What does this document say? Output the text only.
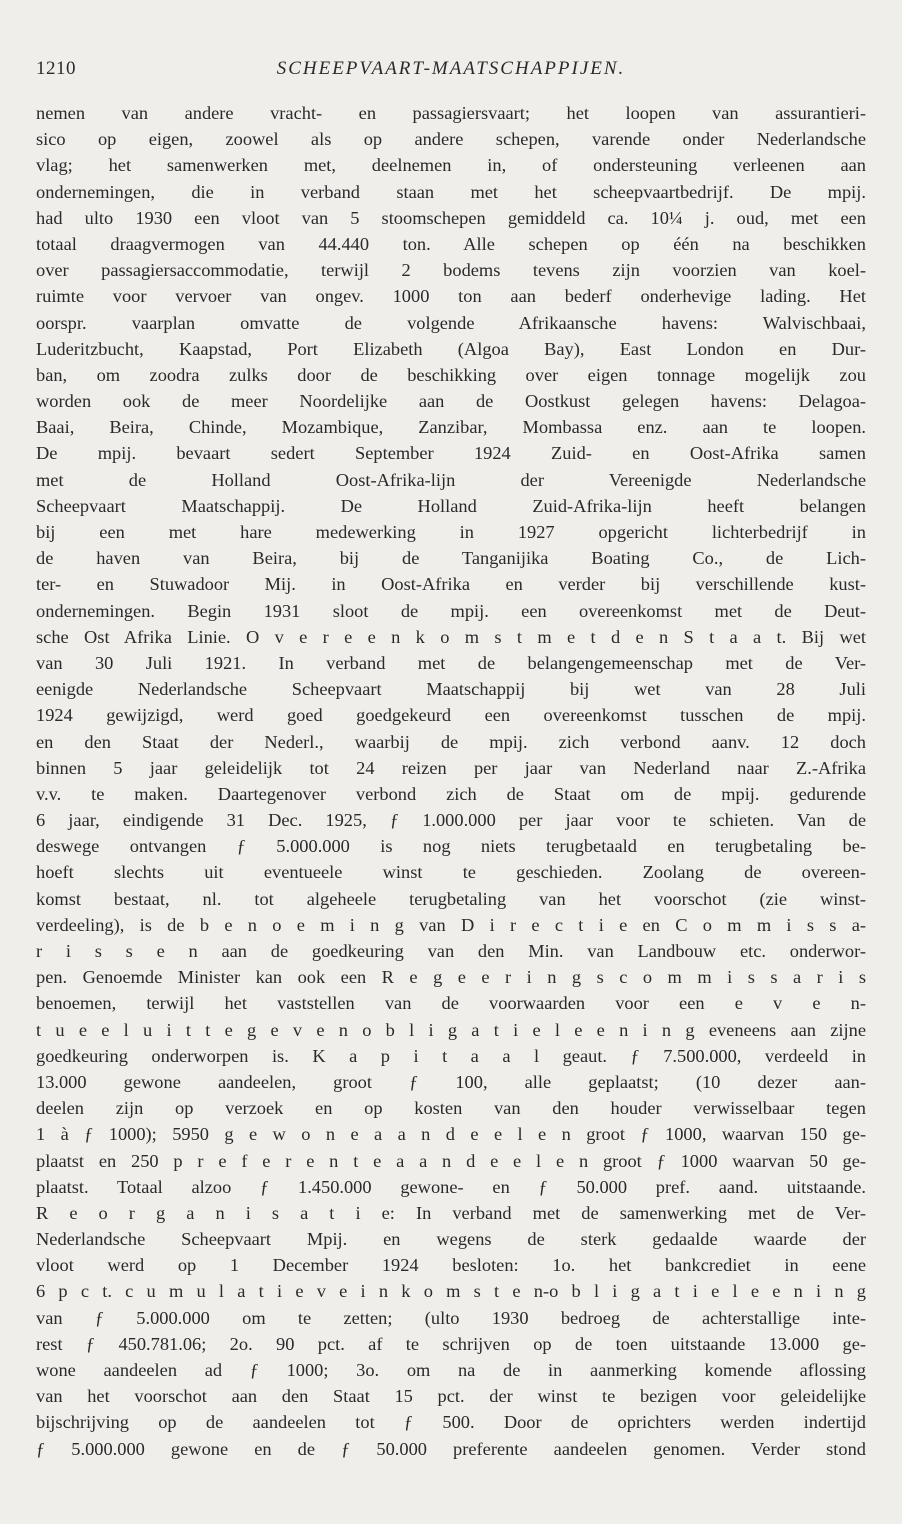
1210	SCHEEPVAART-MAATSCHAPPIJEN.
nemen van andere vracht- en passagiersvaart; het loopen van assurantieri-
sico op eigen, zoowel als op andere schepen, varende onder Nederlandsche
vlag; het samenwerken met, deelnemen in, of ondersteuning verleenen aan
ondernemingen, die in verband staan met het scheepvaartbedrijf. De mpij.
had ulto 1930 een vloot van 5 stoomschepen gemiddeld ca. 10¼ j. oud, met een
totaal draagvermogen van 44.440 ton. Alle schepen op één na beschikken
over passagiersaccommodatie, terwijl 2 bodems tevens zijn voorzien van koel-
ruimte voor vervoer van ongev. 1000 ton aan bederf onderhevige lading. Het
oorspr. vaarplan omvatte de volgende Afrikaansche havens: Walvischbaai,
Luderitzbucht, Kaapstad, Port Elizabeth (Algoa Bay), East London en Dur-
ban, om zoodra zulks door de beschikking over eigen tonnage mogelijk zou
worden ook de meer Noordelijke aan de Oostkust gelegen havens: Delagoa-
Baai, Beira, Chinde, Mozambique, Zanzibar, Mombassa enz. aan te loopen.
De mpij. bevaart sedert September 1924 Zuid- en Oost-Afrika samen
met de Holland Oost-Afrika-lijn der Vereenigde Nederlandsche
Scheepvaart Maatschappij. De Holland Zuid-Afrika-lijn heeft belangen
bij een met hare medewerking in 1927 opgericht lichterbedrijf in
de haven van Beira, bij de Tanganijika Boating Co., de Lich-
ter- en Stuwadoor Mij. in Oost-Afrika en verder bij verschillende kust-
ondernemingen. Begin 1931 sloot de mpij. een overeenkomst met de Deut-
sche Ost Afrika Linie. O v e r e e n k o m s t m e t d e n S t a a t. Bij wet
van 30 Juli 1921. In verband met de belangengemeenschap met de Ver-
eenigde Nederlandsche Scheepvaart Maatschappij bij wet van 28 Juli
1924 gewijzigd, werd goed goedgekeurd een overeenkomst tusschen de mpij.
en den Staat der Nederl., waarbij de mpij. zich verbond aanv. 12 doch
binnen 5 jaar geleidelijk tot 24 reizen per jaar van Nederland naar Z.-Afrika
v.v. te maken. Daartegenover verbond zich de Staat om de mpij. gedurende
6 jaar, eindigende 31 Dec. 1925, ƒ 1.000.000 per jaar voor te schieten. Van de
deswege ontvangen ƒ 5.000.000 is nog niets terugbetaald en terugbetaling be-
hoeft slechts uit eventueele winst te geschieden. Zoolang de overeen-
komst bestaat, nl. tot algeheele terugbetaling van het voorschot (zie winst-
verdeeling), is de b e n o e m i n g van D i r e c t i e en C o m m i s s a-
r i s s e n aan de goedkeuring van den Min. van Landbouw etc. onderwor-
pen. Genoemde Minister kan ook een R e g e e r i n g s c o m m i s s a r i s
benoemen, terwijl het vaststellen van de voorwaarden voor een e v e n-
t u e e l u i t t e g e v e n o b l i g a t i e l e e n i n g eveneens aan zijne
goedkeuring onderworpen is. K a p i t a a l geaut. ƒ 7.500.000, verdeeld in
13.000 gewone aandeelen, groot ƒ 100, alle geplaatst; (10 dezer aan-
deelen zijn op verzoek en op kosten van den houder verwisselbaar tegen
1 à ƒ 1000); 5950 g e w o n e a a n d e e l e n groot ƒ 1000, waarvan 150 ge-
plaatst en 250 p r e f e r e n t e a a n d e e l e n groot ƒ 1000 waarvan 50 ge-
plaatst. Totaal alzoo ƒ 1.450.000 gewone- en ƒ 50.000 pref. aand. uitstaande.
R e o r g a n i s a t i e: In verband met de samenwerking met de Ver-
Nederlandsche Scheepvaart Mpij. en wegens de sterk gedaalde waarde der
vloot werd op 1 December 1924 besloten: 1o. het bankcrediet in eene
6 p c t. c u m u l a t i e v e i n k o m s t e n-o b l i g a t i e l e e n i n g
van ƒ 5.000.000 om te zetten; (ulto 1930 bedroeg de achterstallige inte-
rest ƒ 450.781.06; 2o. 90 pct. af te schrijven op de toen uitstaande 13.000 ge-
wone aandeelen ad ƒ 1000; 3o. om na de in aanmerking komende aflossing
van het voorschot aan den Staat 15 pct. der winst te bezigen voor geleidelijke
bijschrijving op de aandeelen tot ƒ 500. Door de oprichters werden indertijd
ƒ 5.000.000 gewone en de ƒ 50.000 preferente aandeelen genomen. Verder stond
